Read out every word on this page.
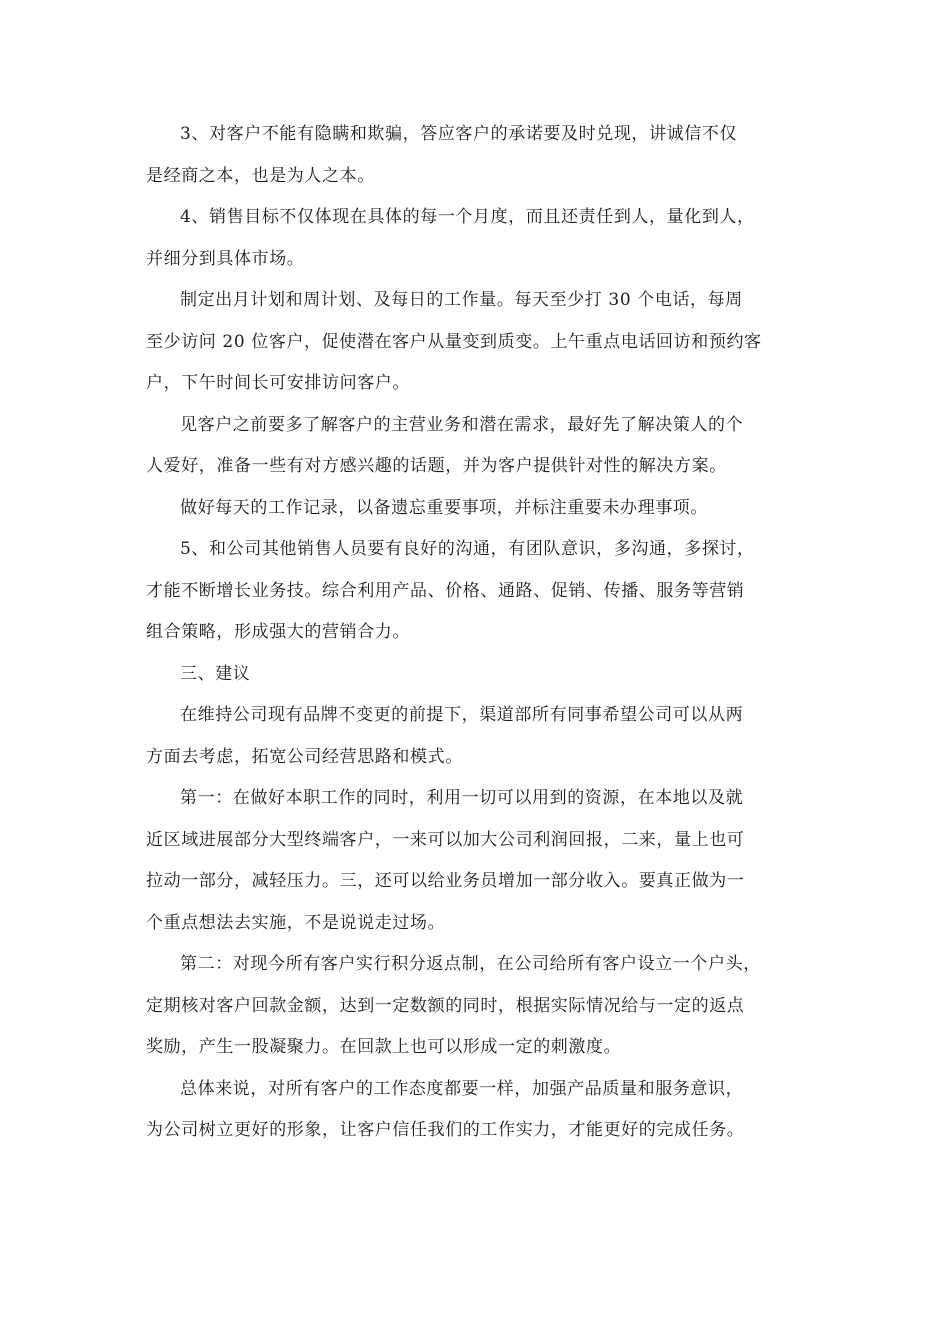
3、对客户不能有隐瞒和欺骗，答应客户的承诺要及时兑现，讲诚信不仅
是经商之本，也是为人之本。

4、销售目标不仅体现在具体的每一个月度，而且还责任到人，量化到人，
并细分到具体市场。

制定出月计划和周计划、及每日的工作量。每天至少打 30 个电话，每周
至少访问 20 位客户，促使潜在客户从量变到质变。上午重点电话回访和预约客
户，下午时间长可安排访问客户。

见客户之前要多了解客户的主营业务和潜在需求，最好先了解决策人的个
人爱好，准备一些有对方感兴趣的话题，并为客户提供针对性的解决方案。

做好每天的工作记录，以备遗忘重要事项，并标注重要未办理事项。

5、和公司其他销售人员要有良好的沟通，有团队意识，多沟通，多探讨，
才能不断增长业务技。综合利用产品、价格、通路、促销、传播、服务等营销
组合策略，形成强大的营销合力。

三、建议

在维持公司现有品牌不变更的前提下，渠道部所有同事希望公司可以从两
方面去考虑，拓宽公司经营思路和模式。

第一：在做好本职工作的同时，利用一切可以用到的资源，在本地以及就
近区域进展部分大型终端客户，一来可以加大公司利润回报，二来，量上也可
拉动一部分，减轻压力。三，还可以给业务员增加一部分收入。要真正做为一
个重点想法去实施，不是说说走过场。

第二：对现今所有客户实行积分返点制，在公司给所有客户设立一个户头，
定期核对客户回款金额，达到一定数额的同时，根据实际情况给与一定的返点
奖励，产生一股凝聚力。在回款上也可以形成一定的刺激度。

总体来说，对所有客户的工作态度都要一样，加强产品质量和服务意识，
为公司树立更好的形象，让客户信任我们的工作实力，才能更好的完成任务。
